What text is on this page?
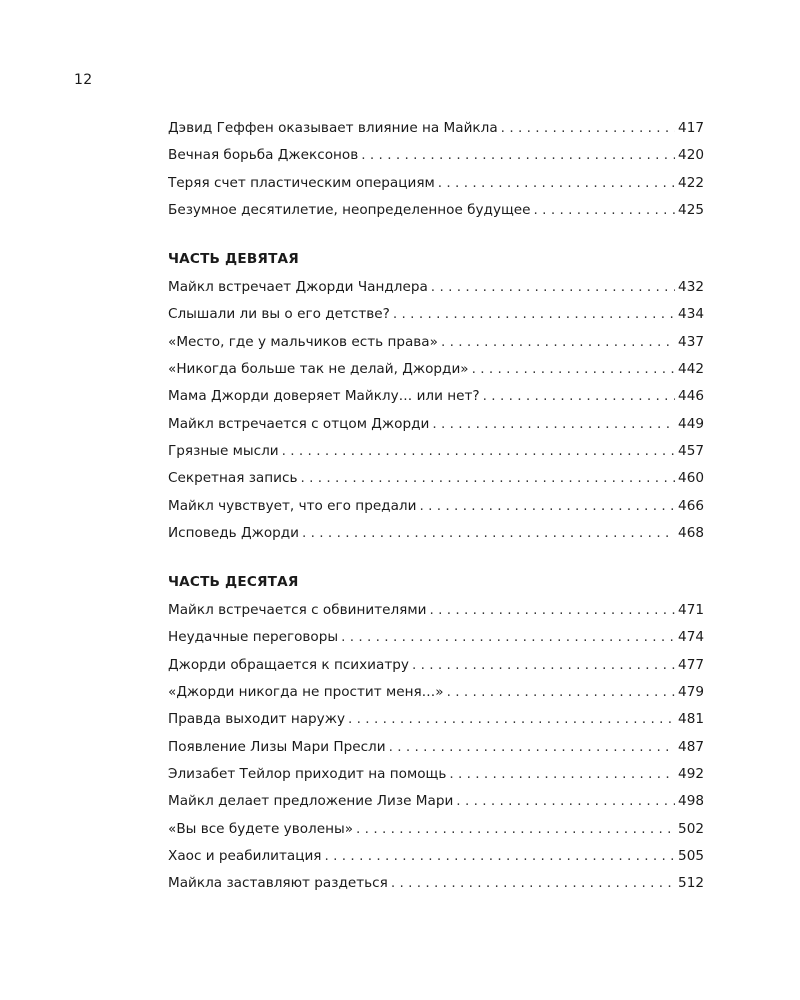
12
Дэвид Геффен оказывает влияние на Майкла . . .	417
Вечная борьба Джексонов . . .	420
Теряя счет пластическим операциям . . .	422
Безумное десятилетие, неопределенное будущее . . .	425
ЧАСТЬ ДЕВЯТАЯ
Майкл встречает Джорди Чандлера . . .	432
Слышали ли вы о его детстве? . . .	434
«Место, где у мальчиков есть права» . . .	437
«Никогда больше так не делай, Джорди» . . .	442
Мама Джорди доверяет Майклу… или нет? . . .	446
Майкл встречается с отцом Джорди . . .	449
Грязные мысли . . .	457
Секретная запись . . .	460
Майкл чувствует, что его предали . . .	466
Исповедь Джорди . . .	468
ЧАСТЬ ДЕСЯТАЯ
Майкл встречается с обвинителями . . .	471
Неудачные переговоры . . .	474
Джорди обращается к психиатру . . .	477
«Джорди никогда не простит меня…» . . .	479
Правда выходит наружу . . .	481
Появление Лизы Мари Пресли . . .	487
Элизабет Тейлор приходит на помощь . . .	492
Майкл делает предложение Лизе Мари . . .	498
«Вы все будете уволены» . . .	502
Хаос и реабилитация . . .	505
Майкла заставляют раздеться . . .	512
